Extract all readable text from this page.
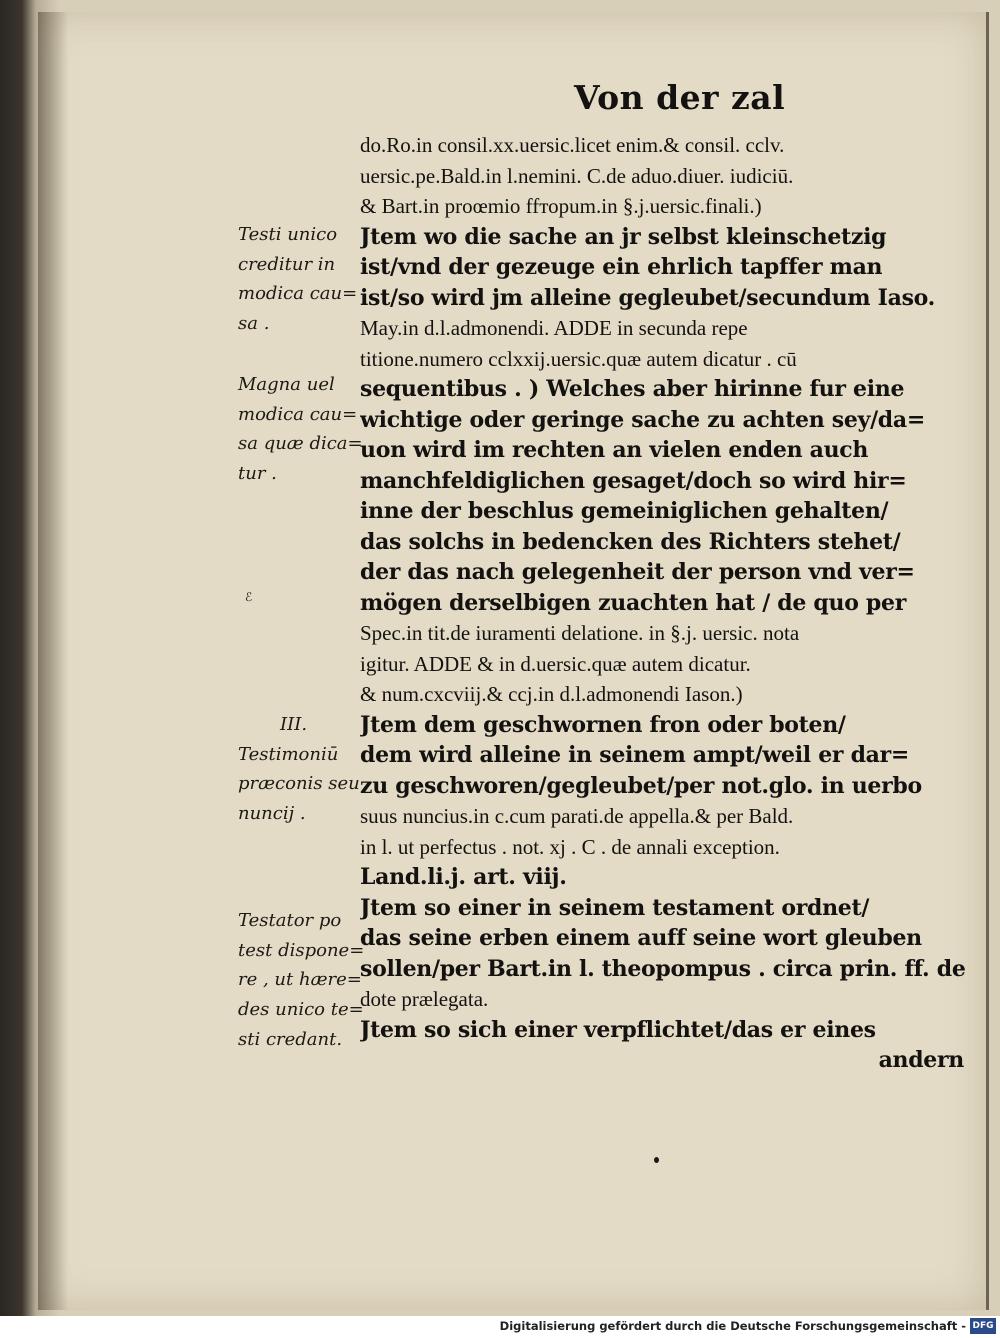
Von der zal
Testi unico
creditur in
modica cau=
sa .
Magna uel
modica cau=
sa quæ dica=
tur .
III.
Testimoniū
præconis seu
nuncij .
Testator po
test dispone=
re , ut hære=
des unico te=
sti credant.
ℰ
do.Ro.in consil.xx.uersic.licet enim.& consil. cclv.
uersic.pe.Bald.in l.nemini. C.de aduo.diuer. iudiciū.
& Bart.in proœmio ffторum.in §.j.uersic.finali.)
Jtem wo die sache an jr selbst kleinschetzig
ist/vnd der gezeuge ein ehrlich tapffer man
ist/so wird jm alleine gegleubet/secundum Iaso.
May.in d.l.admonendi. ADDE in secunda repe
titione.numero cclxxij.uersic.quæ autem dicatur . cū
sequentibus . ) Welches aber hirinne fur eine
wichtige oder geringe sache zu achten sey/da=
uon wird im rechten an vielen enden auch
manchfeldiglichen gesaget/doch so wird hir=
inne der beschlus gemeiniglichen gehalten/
das solchs in bedencken des Richters stehet/
der das nach gelegenheit der person vnd ver=
mögen derselbigen zuachten hat / de quo per
Spec.in tit.de iuramenti delatione. in §.j. uersic. nota
igitur. ADDE & in d.uersic.quæ autem dicatur.
& num.cxcviij.& ccj.in d.l.admonendi Iason.)
Jtem dem geschwornen fron oder boten/
dem wird alleine in seinem ampt/weil er dar=
zu geschworen/gegleubet/per not.glo. in uerbo
suus nuncius.in c.cum parati.de appella.& per Bald.
in l. ut perfectus . not. xj . C . de annali exception.
Land.li.j. art. viij.
Jtem so einer in seinem testament ordnet/
das seine erben einem auff seine wort gleuben
sollen/per Bart.in l. theopompus . circa prin. ff. de
dote prælegata.
Jtem so sich einer verpflichtet/das er eines
andern
Digitalisierung gefördert durch die Deutsche Forschungsgemeinschaft - DFG
